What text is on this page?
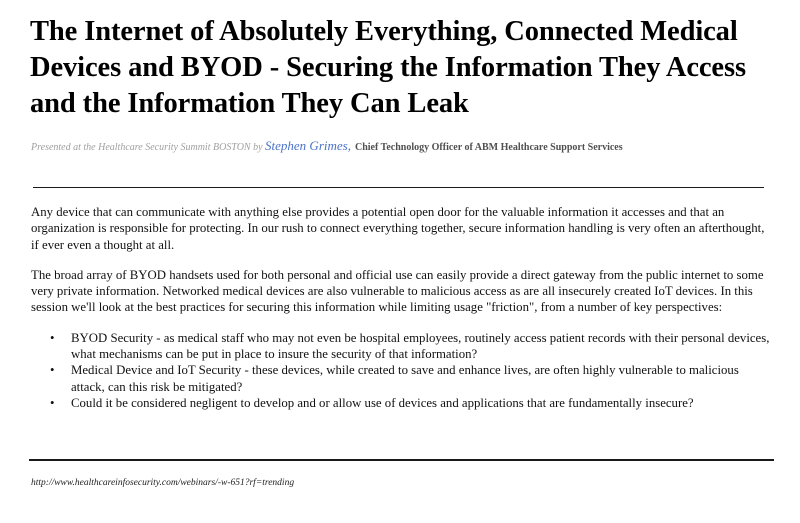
The Internet of Absolutely Everything, Connected Medical Devices and BYOD - Securing the Information They Access and the Information They Can Leak
Presented at the Healthcare Security Summit BOSTON by Stephen Grimes, Chief Technology Officer of ABM Healthcare Support Services

Any device that can communicate with anything else provides a potential open door for the valuable information it accesses and that an organization is responsible for protecting. In our rush to connect everything together, secure information handling is very often an afterthought, if ever even a thought at all.

The broad array of BYOD handsets used for both personal and official use can easily provide a direct gateway from the public internet to some very private information. Networked medical devices are also vulnerable to malicious access as are all insecurely created IoT devices. In this session we'll look at the best practices for securing this information while limiting usage "friction", from a number of key perspectives:

• BYOD Security - as medical staff who may not even be hospital employees, routinely access patient records with their personal devices, what mechanisms can be put in place to insure the security of that information?
• Medical Device and IoT Security - these devices, while created to save and enhance lives, are often highly vulnerable to malicious attack, can this risk be mitigated?
• Could it be considered negligent to develop and or allow use of devices and applications that are fundamentally insecure?
http://www.healthcareinfosecurity.com/webinars/-w-651?rf=trending
